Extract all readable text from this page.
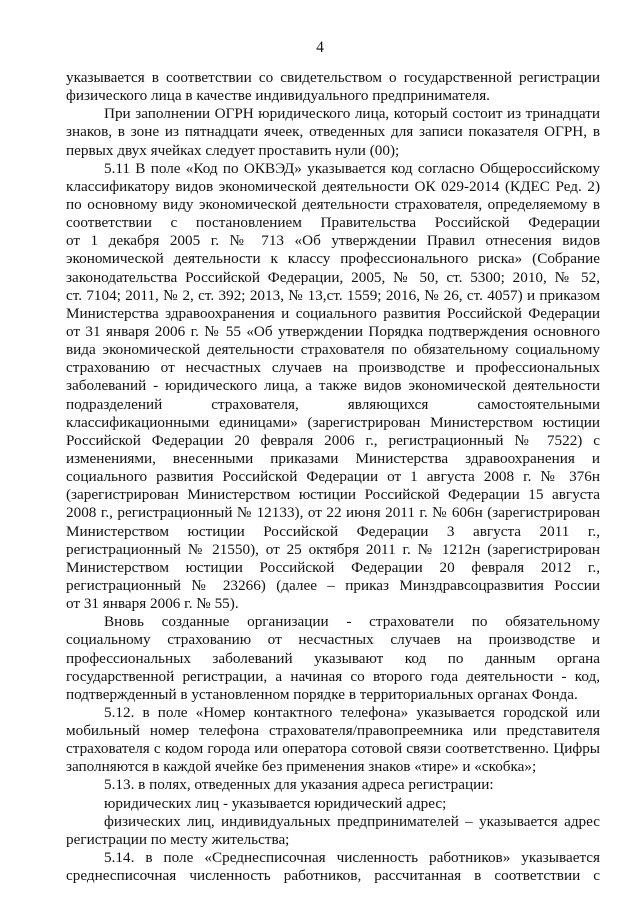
4
указывается в соответствии со свидетельством о государственной регистрации
физического лица в качестве индивидуального предпринимателя.
При заполнении ОГРН юридического лица, который состоит из тринадцати
знаков, в зоне из пятнадцати ячеек, отведенных для записи показателя ОГРН, в
первых двух ячейках следует проставить нули (00);
5.11 В поле «Код по ОКВЭД» указывается код согласно Общероссийскому
классификатору видов экономической деятельности ОК 029-2014 (КДЕС Ред. 2)
по основному виду экономической деятельности страхователя, определяемому в
соответствии с постановлением Правительства Российской Федерации
от 1 декабря 2005 г. № 713 «Об утверждении Правил отнесения видов
экономической деятельности к классу профессионального риска» (Собрание
законодательства Российской Федерации, 2005, № 50, ст. 5300; 2010, № 52,
ст. 7104; 2011, № 2, ст. 392; 2013, № 13,ст. 1559; 2016, № 26, ст. 4057) и приказом
Министерства здравоохранения и социального развития Российской Федерации
от 31 января 2006 г. № 55 «Об утверждении Порядка подтверждения основного
вида экономической деятельности страхователя по обязательному социальному
страхованию от несчастных случаев на производстве и профессиональных
заболеваний - юридического лица, а также видов экономической деятельности
подразделений страхователя, являющихся самостоятельными
классификационными единицами» (зарегистрирован Министерством юстиции
Российской Федерации 20 февраля 2006 г., регистрационный № 7522) с
изменениями, внесенными приказами Министерства здравоохранения и
социального развития Российской Федерации от 1 августа 2008 г. № 376н
(зарегистрирован Министерством юстиции Российской Федерации 15 августа
2008 г., регистрационный № 12133), от 22 июня 2011 г. № 606н (зарегистрирован
Министерством юстиции Российской Федерации 3 августа 2011 г.,
регистрационный № 21550), от 25 октября 2011 г. № 1212н (зарегистрирован
Министерством юстиции Российской Федерации 20 февраля 2012 г.,
регистрационный № 23266) (далее – приказ Минздравсоцразвития России
от 31 января 2006 г. № 55).
Вновь созданные организации - страхователи по обязательному
социальному страхованию от несчастных случаев на производстве и
профессиональных заболеваний указывают код по данным органа
государственной регистрации, а начиная со второго года деятельности - код,
подтвержденный в установленном порядке в территориальных органах Фонда.
5.12. в поле «Номер контактного телефона» указывается городской или
мобильный номер телефона страхователя/правопреемника или представителя
страхователя с кодом города или оператора сотовой связи соответственно. Цифры
заполняются в каждой ячейке без применения знаков «тире» и «скобка»;
5.13. в полях, отведенных для указания адреса регистрации:
юридических лиц - указывается юридический адрес;
физических лиц, индивидуальных предпринимателей – указывается адрес
регистрации по месту жительства;
5.14. в поле «Среднесписочная численность работников» указывается
среднесписочная численность работников, рассчитанная в соответствии с
